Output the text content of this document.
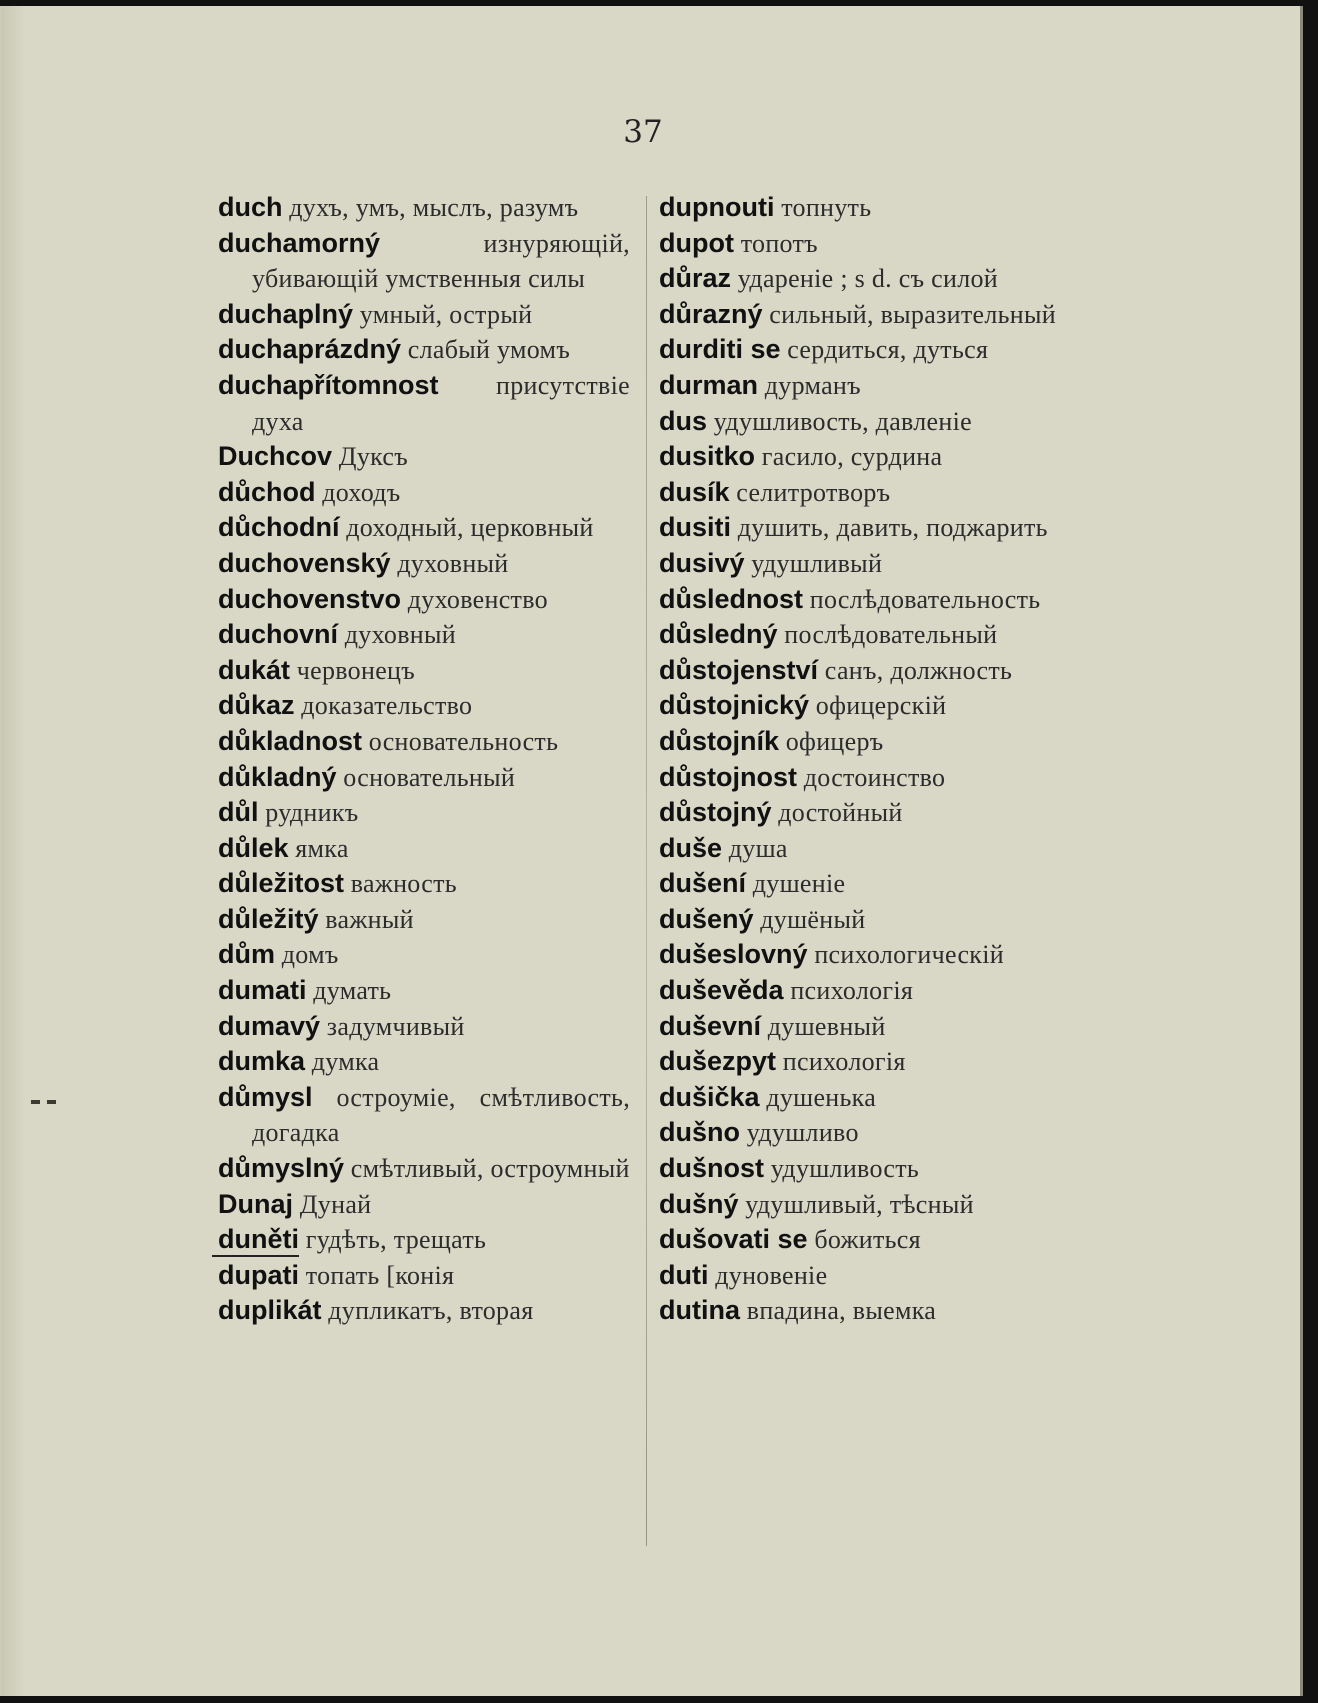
37
duch духъ, умъ, мыслъ, разумъ
duchamorný	изнуряющій, убивающій умственныя силы
duchaplný умный, острый
duchaprázdný слабый умомъ
duchapřítomnost присутствіе духа
Duchcov Дуксъ
důchod доходъ
důchodní доходный, церковный
duchovenský духовный
duchovenstvo духовенство
duchovní духовный
dukát червонецъ
důkaz доказательство
důkladnost основательность
důkladný основательный
důl рудникъ
důlek ямка
důležitost важность
důležitý важный
dům домъ
dumati думать
dumavý задумчивый
dumka думка
důmysl остроуміе, смѣтливость, догадка
důmyslný смѣтливый, остроумный
Dunaj Дунай
duněti гудѣть, трещать
dupati топать [конія
duplikát дупликатъ, вторая
dupnouti топнуть
dupot топотъ
důraz удареніе ; s d. съ силой
důrazný сильный, выразительный
durditi se сердиться, дуться
durman дурманъ
dus удушливость, давленіе
dusitko гасило, сурдина
dusík селитротворъ
dusiti душить, давить, поджарить
dusivý удушливый
důslednost послѣдовательность
důsledný послѣдовательный
důstojenství санъ, должность
důstojnický офицерскій
důstojník офицеръ
důstojnost достоинство
důstojný достойный
duše душа
dušení душеніе
dušený душёный
dušeslovný психологическій
duševěda психологія
duševní душевный
dušezpyt психологія
dušička душенька
dušno удушливо
dušnost удушливость
dušný удушливый, тѣсный
dušovati se божиться
duti дуновеніе
dutina впадина, выемка
